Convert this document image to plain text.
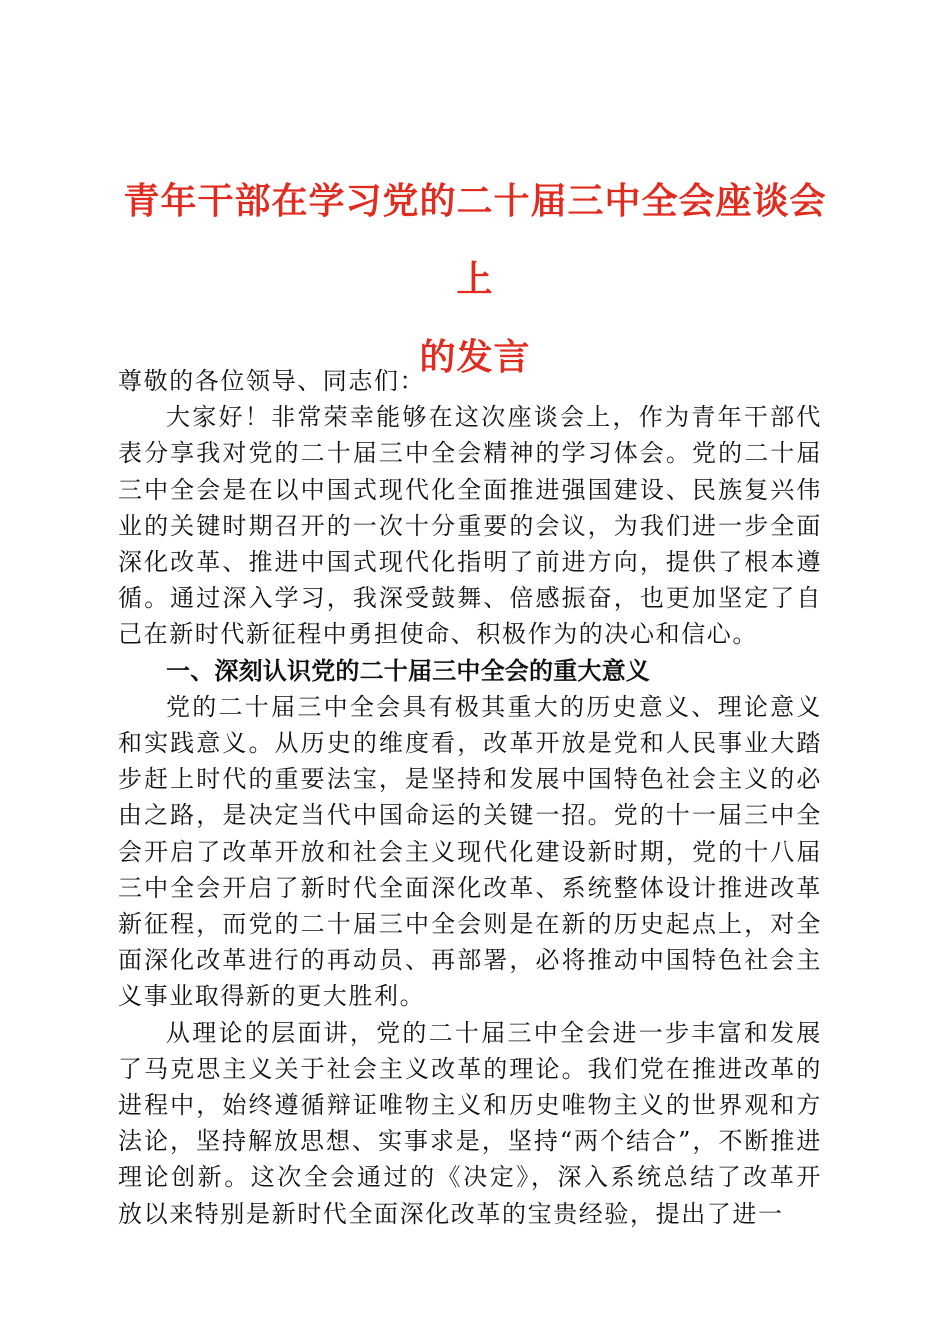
青年干部在学习党的二十届三中全会座谈会上
的发言

尊敬的各位领导、同志们：

大家好！非常荣幸能够在这次座谈会上，作为青年干部代表分享我对党的二十届三中全会精神的学习体会。党的二十届三中全会是在以中国式现代化全面推进强国建设、民族复兴伟业的关键时期召开的一次十分重要的会议，为我们进一步全面深化改革、推进中国式现代化指明了前进方向，提供了根本遵循。通过深入学习，我深受鼓舞、倍感振奋，也更加坚定了自己在新时代新征程中勇担使命、积极作为的决心和信心。

一、深刻认识党的二十届三中全会的重大意义

党的二十届三中全会具有极其重大的历史意义、理论意义和实践意义。从历史的维度看，改革开放是党和人民事业大踏步赶上时代的重要法宝，是坚持和发展中国特色社会主义的必由之路，是决定当代中国命运的关键一招。党的十一届三中全会开启了改革开放和社会主义现代化建设新时期，党的十八届三中全会开启了新时代全面深化改革、系统整体设计推进改革新征程，而党的二十届三中全会则是在新的历史起点上，对全面深化改革进行的再动员、再部署，必将推动中国特色社会主义事业取得新的更大胜利。

从理论的层面讲，党的二十届三中全会进一步丰富和发展了马克思主义关于社会主义改革的理论。我们党在推进改革的进程中，始终遵循辩证唯物主义和历史唯物主义的世界观和方法论，坚持解放思想、实事求是，坚持“两个结合”，不断推进理论创新。这次全会通过的《决定》，深入系统总结了改革开放以来特别是新时代全面深化改革的宝贵经验，提出了进一
